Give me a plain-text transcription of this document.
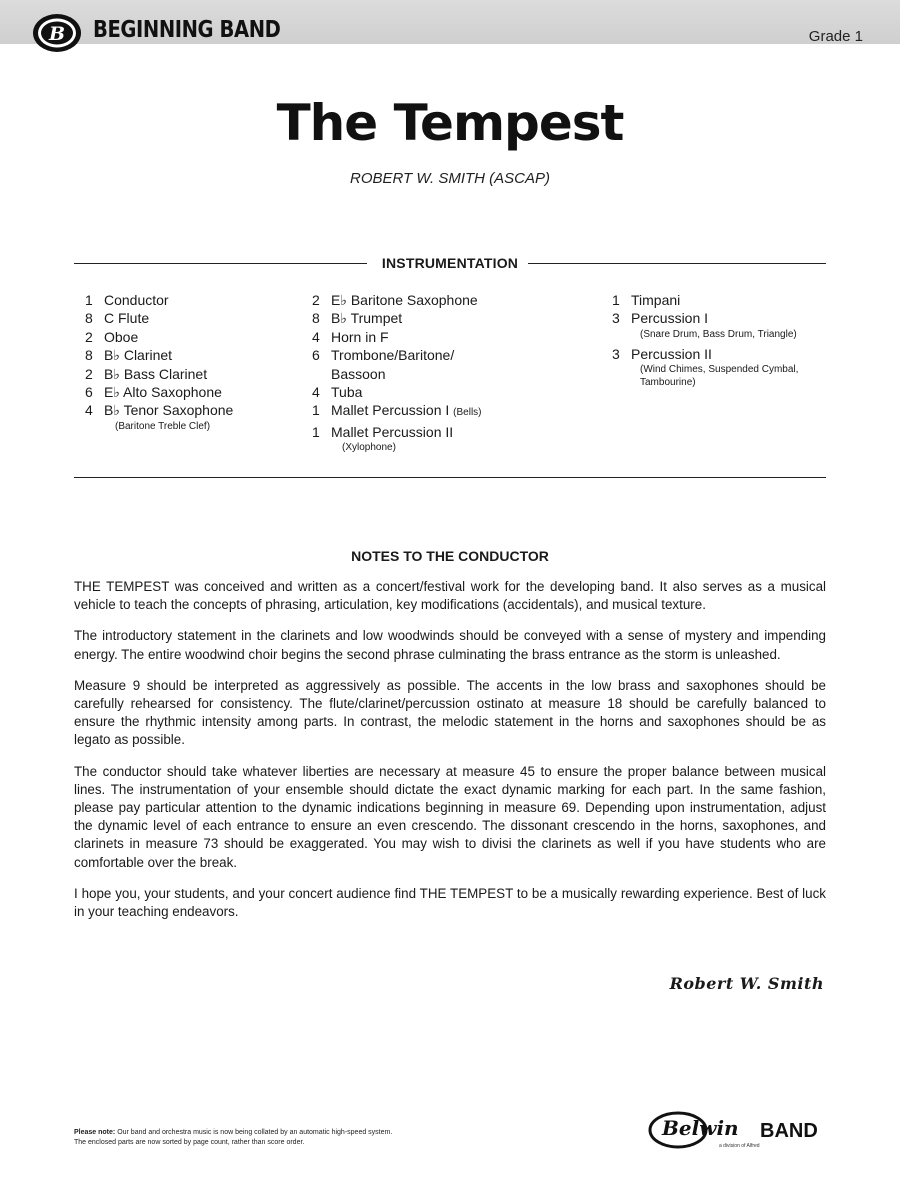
B BEGINNING BAND	Grade 1
The Tempest
ROBERT W. SMITH (ASCAP)
INSTRUMENTATION
1 Conductor
8 C Flute
2 Oboe
8 B♭ Clarinet
2 B♭ Bass Clarinet
6 E♭ Alto Saxophone
4 B♭ Tenor Saxophone
(Baritone Treble Clef)
2 E♭ Baritone Saxophone
8 B♭ Trumpet
4 Horn in F
6 Trombone/Baritone/
Bassoon
4 Tuba
1 Mallet Percussion I (Bells)
1 Mallet Percussion II
(Xylophone)
1 Timpani
3 Percussion I
(Snare Drum, Bass Drum, Triangle)
3 Percussion II
(Wind Chimes, Suspended Cymbal,
Tambourine)
NOTES TO THE CONDUCTOR

THE TEMPEST was conceived and written as a concert/festival work for the developing band. It also serves as a musical vehicle to teach the concepts of phrasing, articulation, key modifications (accidentals), and musical texture.

The introductory statement in the clarinets and low woodwinds should be conveyed with a sense of mystery and impending energy. The entire woodwind choir begins the second phrase culminating the brass entrance as the storm is unleashed.

Measure 9 should be interpreted as aggressively as possible. The accents in the low brass and saxophones should be carefully rehearsed for consistency. The flute/clarinet/percussion ostinato at measure 18 should be carefully balanced to ensure the rhythmic intensity among parts. In contrast, the melodic statement in the horns and saxophones should be as legato as possible.

The conductor should take whatever liberties are necessary at measure 45 to ensure the proper balance between musical lines. The instrumentation of your ensemble should dictate the exact dynamic marking for each part. In the same fashion, please pay particular attention to the dynamic indications beginning in measure 69. Depending upon instrumentation, adjust the dynamic level of each entrance to ensure an even crescendo. The dissonant crescendo in the horns, saxophones, and clarinets in measure 73 should be exaggerated. You may wish to divisi the clarinets as well if you have students who are comfortable over the break.

I hope you, your students, and your concert audience find THE TEMPEST to be a musically rewarding experience. Best of luck in your teaching endeavors.

Robert W. Smith
Please note: Our band and orchestra music is now being collated by an automatic high-speed system.
The enclosed parts are now sorted by page count, rather than score order.
Belwin BAND
a division of Alfred
